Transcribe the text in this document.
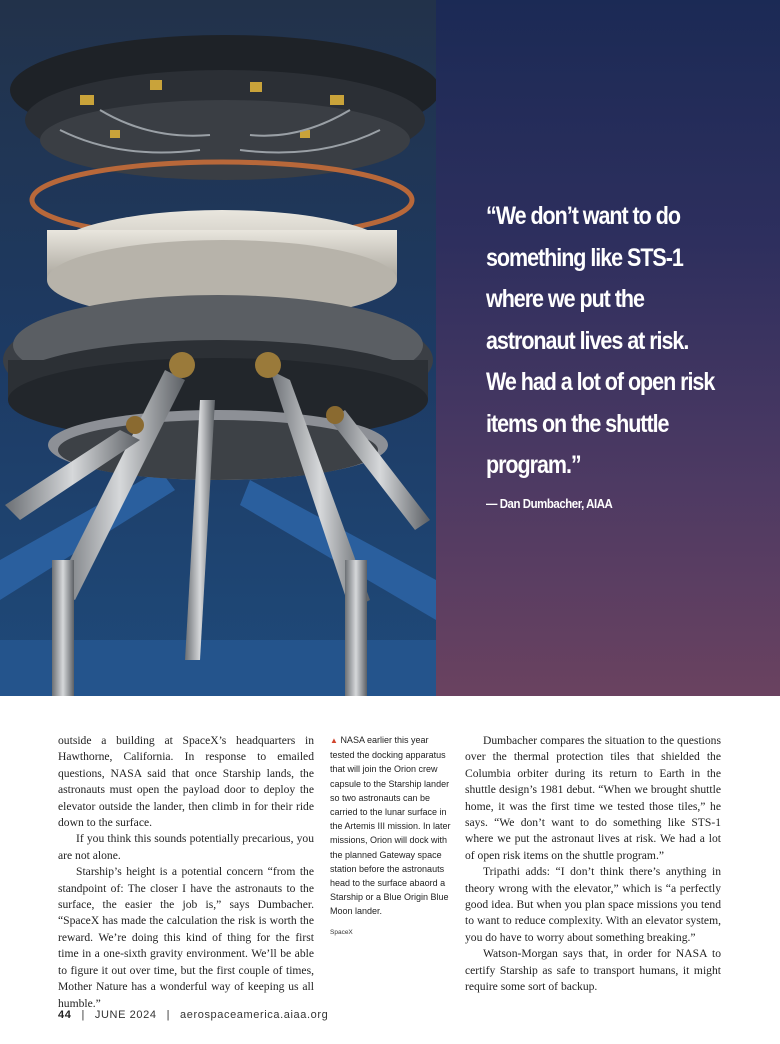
“We don’t want to do something like STS-1 where we put the astronaut lives at risk. We had a lot of open risk items on the shuttle program.”

— Dan Dumbacher, AIAA

outside a building at SpaceX’s headquarters in Hawthorne, California. In response to emailed questions, NASA said that once Starship lands, the astronauts must open the payload door to deploy the elevator outside the lander, then climb in for their ride down to the surface.

If you think this sounds potentially precarious, you are not alone.

Starship’s height is a potential concern “from the standpoint of: The closer I have the astronauts to the surface, the easier the job is,” says Dumbacher. “SpaceX has made the calculation the risk is worth the reward. We’re doing this kind of thing for the first time in a one-sixth gravity environment. We’ll be able to figure it out over time, but the first couple of times, Mother Nature has a wonderful way of keeping us all humble.”

▲ NASA earlier this year tested the docking apparatus that will join the Orion crew capsule to the Starship lander so two astronauts can be carried to the lunar surface in the Artemis III mission. In later missions, Orion will dock with the planned Gateway space station before the astronauts head to the surface abaord a Starship or a Blue Origin Blue Moon lander.

SpaceX

Dumbacher compares the situation to the questions over the thermal protection tiles that shielded the Columbia orbiter during its return to Earth in the shuttle design’s 1981 debut. “When we brought shuttle home, it was the first time we tested those tiles,” he says. “We don’t want to do something like STS-1 where we put the astronaut lives at risk. We had a lot of open risk items on the shuttle program.”

Tripathi adds: “I don’t think there’s anything in theory wrong with the elevator,” which is “a perfectly good idea. But when you plan space missions you tend to want to reduce complexity. With an elevator system, you do have to worry about something breaking.”

Watson-Morgan says that, in order for NASA to certify Starship as safe to transport humans, it might require some sort of backup.

44 | JUNE 2024 | aerospaceamerica.aiaa.org
